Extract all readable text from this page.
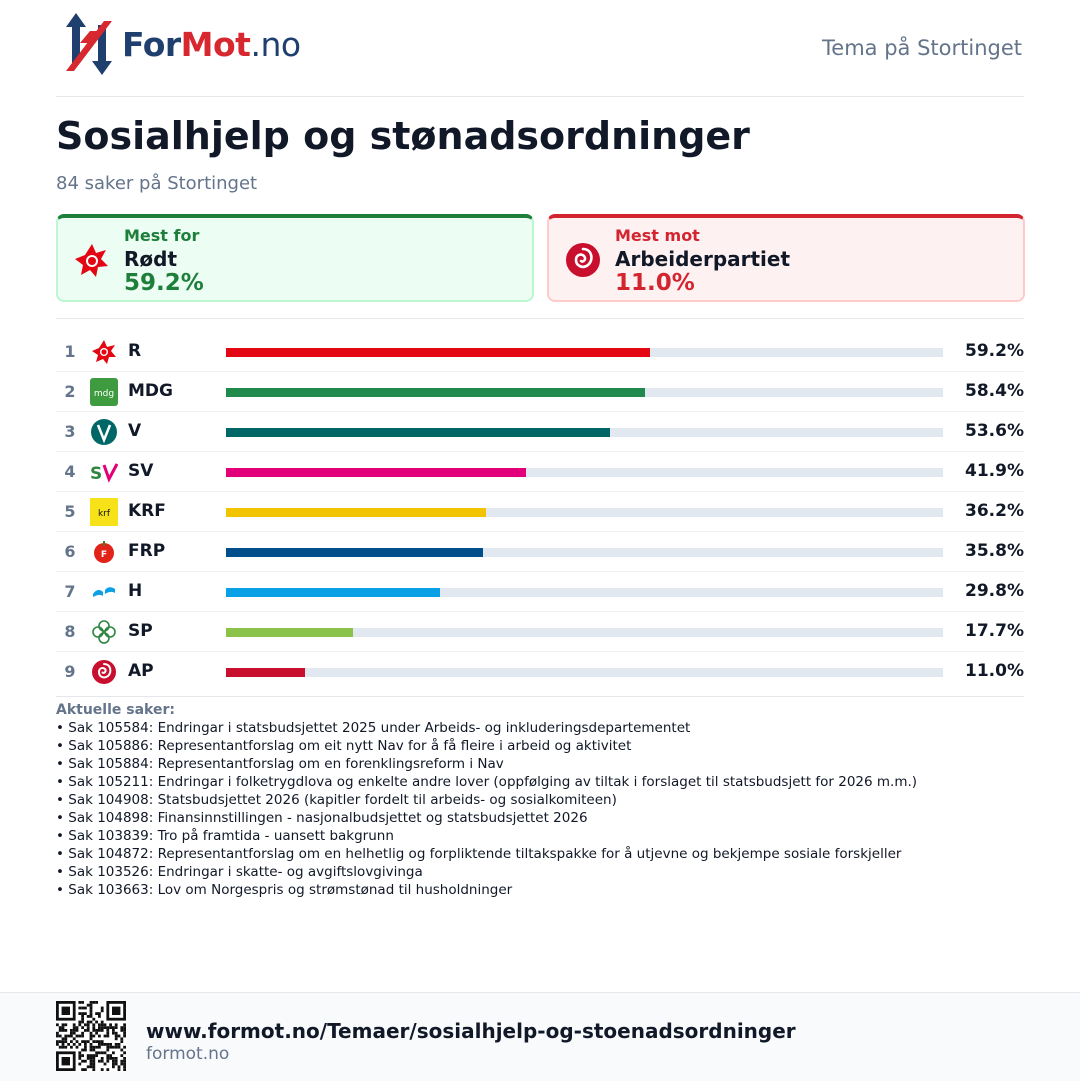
ForMot.no	Tema på Stortinget
Sosialhjelp og stønadsordninger
84 saker på Stortinget
Mest for
Rødt
59.2%
Mest mot
Arbeiderpartiet
11.0%
1	R	59.2%
2	mdg MDG	58.4%
3	V	53.6%
4 S SV	41.9%
5	krf KRF	36.2%
6	F FRP	35.8%
7	H	29.8%
8	SP	17.7%
9	AP	11.0%
Aktuelle saker:
• Sak 105584: Endringar i statsbudsjettet 2025 under Arbeids- og inkluderingsdepartementet
• Sak 105886: Representantforslag om eit nytt Nav for å få fleire i arbeid og aktivitet
• Sak 105884: Representantforslag om en forenklingsreform i Nav
• Sak 105211: Endringar i folketrygdlova og enkelte andre lover (oppfølging av tiltak i forslaget til statsbudsjett for 2026 m.m.)
• Sak 104908: Statsbudsjettet 2026 (kapitler fordelt til arbeids- og sosialkomiteen)
• Sak 104898: Finansinnstillingen - nasjonalbudsjettet og statsbudsjettet 2026
• Sak 103839: Tro på framtida - uansett bakgrunn
• Sak 104872: Representantforslag om en helhetlig og forpliktende tiltakspakke for å utjevne og bekjempe sosiale forskjeller
• Sak 103526: Endringar i skatte- og avgiftslovgivinga
• Sak 103663: Lov om Norgespris og strømstønad til husholdninger
www.formot.no/Temaer/sosialhjelp-og-stoenadsordninger
formot.no
